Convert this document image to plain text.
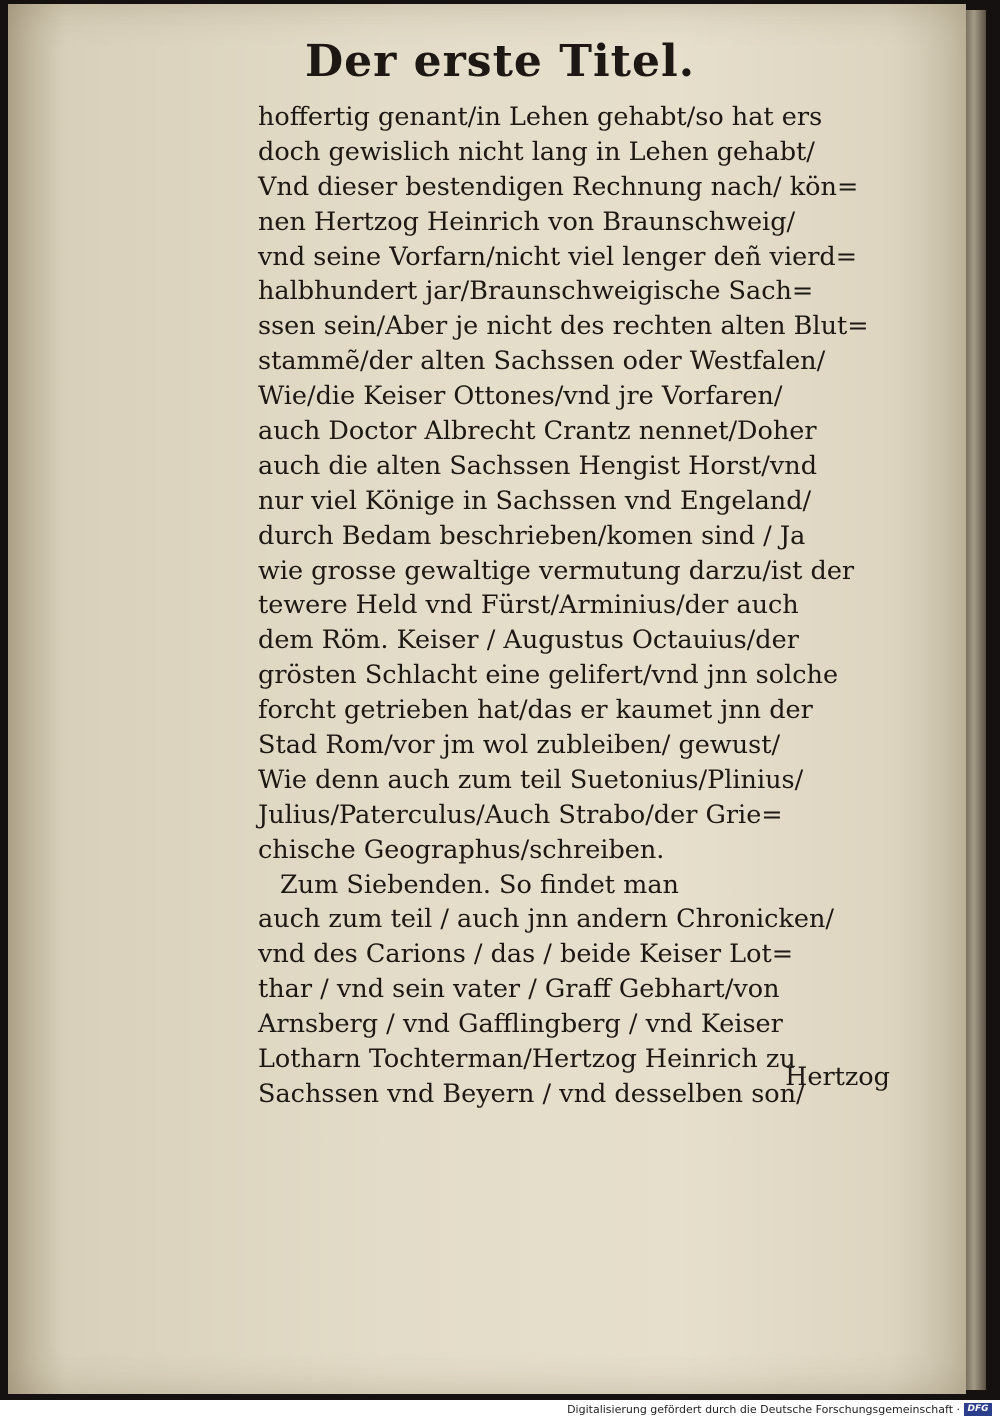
Der erste Titel.
hoffertig genant/in Lehen gehabt/so hat ers
doch gewislich nicht lang in Lehen gehabt/
Vnd dieser bestendigen Rechnung nach/ kön=
nen Hertzog Heinrich von Braunschweig/
vnd seine Vorfarn/nicht viel lenger deñ vierd=
halbhundert jar/Braunschweigische Sach=
ssen sein/Aber je nicht des rechten alten Blut=
stammẽ/der alten Sachssen oder Westfalen/
Wie/die Keiser Ottones/vnd jre Vorfaren/
auch Doctor Albrecht Crantz nennet/Doher
auch die alten Sachssen Hengist Horst/vnd
nur viel Könige in Sachssen vnd Engeland/
durch Bedam beschrieben/komen sind / Ja
wie grosse gewaltige vermutung darzu/ist der
tewere Held vnd Fürst/Arminius/der auch
dem Röm. Keiser / Augustus Octauius/der
grösten Schlacht eine gelifert/vnd jnn solche
forcht getrieben hat/das er kaumet jnn der
Stad Rom/vor jm wol zubleiben/ gewust/
Wie denn auch zum teil Suetonius/Plinius/
Julius/Paterculus/Auch Strabo/der Grie=
chische Geographus/schreiben.
Zum Siebenden. So findet man
auch zum teil / auch jnn andern Chronicken/
vnd des Carions / das / beide Keiser Lot=
thar / vnd sein vater / Graff Gebhart/von
Arnsberg / vnd Gafflingberg / vnd Keiser
Lotharn Tochterman/Hertzog Heinrich zu
Sachssen vnd Beyern / vnd desselben son/
Hertzog
Digitalisierung gefördert durch die Deutsche Forschungsgemeinschaft · DFG
